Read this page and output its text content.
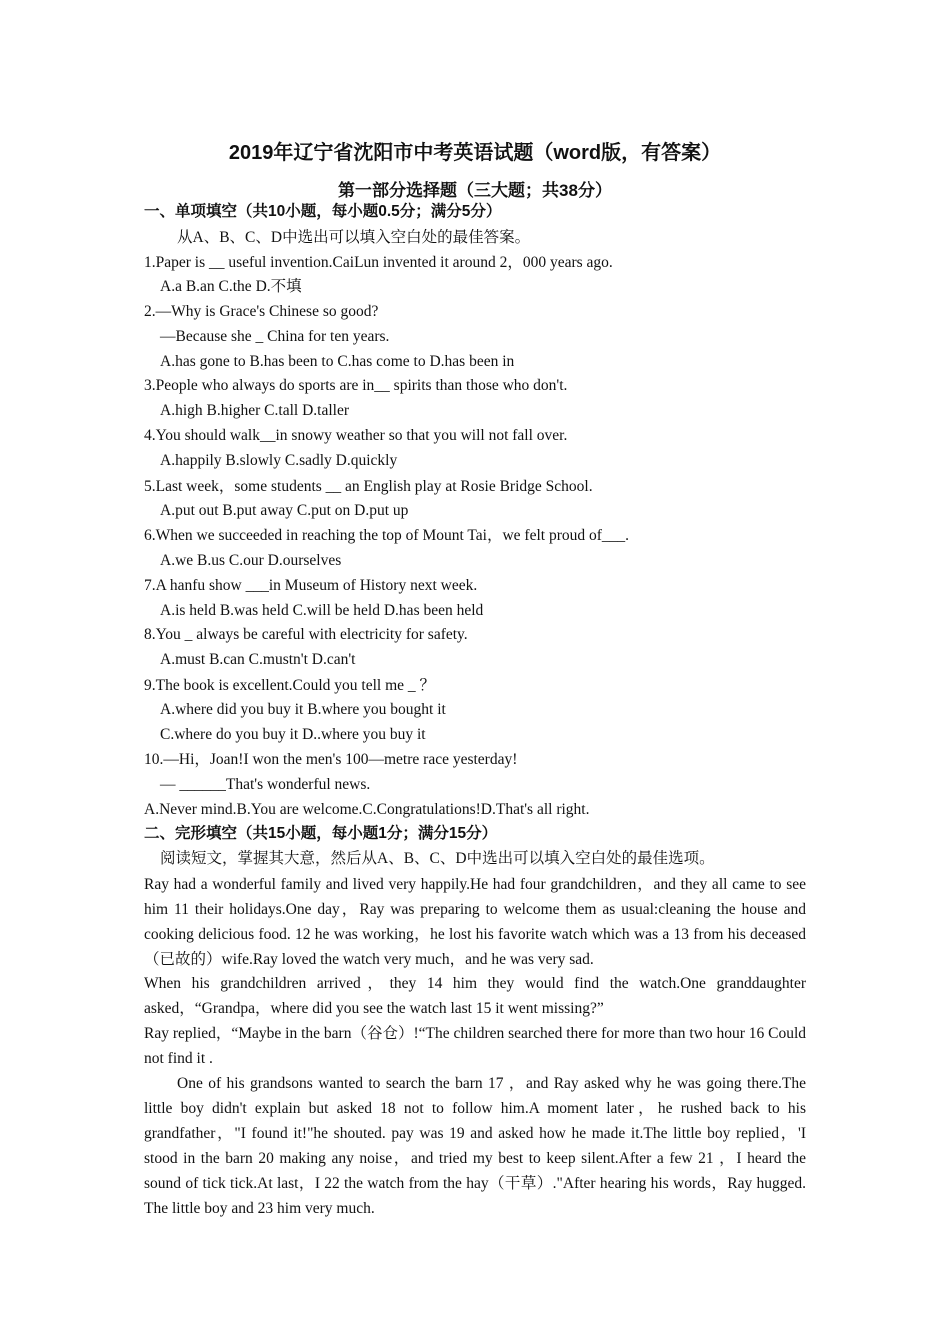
2019年辽宁省沈阳市中考英语试题（word版，有答案）
第一部分选择题（三大题；共38分）
一、单项填空（共10小题，每小题0.5分；满分5分）
从A、B、C、D中选出可以填入空白处的最佳答案。
1.Paper is __ useful invention.CaiLun invented it around 2，000 years ago.
A.a B.an C.the D.不填
2.—Why is Grace's Chinese so good?
—Because she _ China for ten years.
A.has gone to B.has been to C.has come to D.has been in
3.People who always do sports are in__ spirits than those who don't.
A.high B.higher C.tall D.taller
4.You should walk__in snowy weather so that you will not fall over.
A.happily B.slowly C.sadly D.quickly
5.Last week，some students __ an English play at Rosie Bridge School.
A.put out B.put away C.put on D.put up
6.When we succeeded in reaching the top of Mount Tai，we felt proud of___.
A.we B.us C.our D.ourselves
7.A hanfu show ___in Museum of History next week.
A.is held B.was held C.will be held D.has been held
8.You _ always be careful with electricity for safety.
A.must B.can C.mustn't D.can't
9.The book is excellent.Could you tell me _ ？
A.where did you buy it B.where you bought it
C.where do you buy it D..where you buy it
10.—Hi，Joan!I won the men's 100—metre race yesterday!
— ______That's wonderful news.
A.Never mind.B.You are welcome.C.Congratulations!D.That's all right.
二、完形填空（共15小题，每小题1分；满分15分）
阅读短文，掌握其大意，然后从A、B、C、D中选出可以填入空白处的最佳选项。
Ray had a wonderful family and lived very happily.He had four grandchildren，and they all came to see him 11 their holidays.One day，Ray was preparing to welcome them as usual:cleaning the house and cooking delicious food. 12 he was working，he lost his favorite watch which was a 13 from his deceased（已故的）wife.Ray loved the watch very much，and he was very sad.
When his grandchildren arrived，they 14 him they would find the watch.One granddaughter asked，“Grandpa，where did you see the watch last 15 it went missing?”
Ray replied，“Maybe in the barn（谷仓）!“The children searched there for more than two hour 16 Could not find it .
One of his grandsons wanted to search the barn 17 ，and Ray asked why he was going there.The little boy didn't explain but asked 18 not to follow him.A moment later，he rushed back to his grandfather，"I found it!"he shouted. pay was 19 and asked how he made it.The little boy replied，'I stood in the barn 20 making any noise，and tried my best to keep silent.After a few 21 ，I heard the sound of tick tick.At last，I 22 the watch from the hay（干草）."After hearing his words，Ray hugged. The little boy and 23 him very much.
